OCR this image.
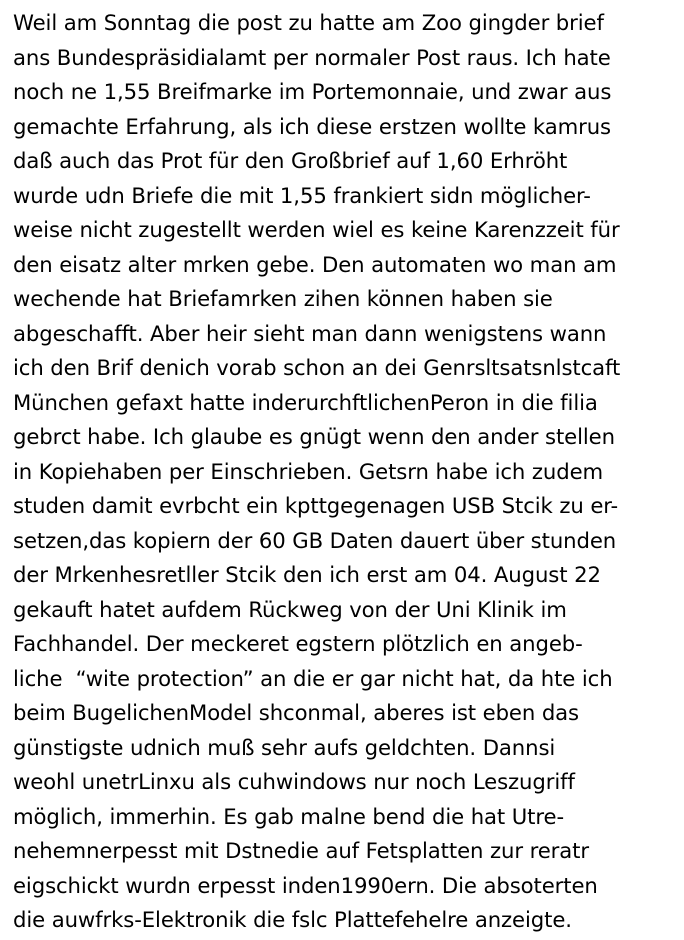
Weil am Sonntag die post zu hatte am Zoo gingder brief
ans Bundespräsidialamt per normaler Post raus. Ich hate
noch ne 1,55 Breifmarke im Portemonnaie, und zwar aus
gemachte Erfahrung, als ich diese erstzen wollte kamrus
daß auch das Prot für den Großbrief auf 1,60 Erhröht
wurde udn Briefe die mit 1,55 frankiert sidn möglicher-
weise nicht zugestellt werden wiel es keine Karenzzeit für
den eisatz alter mrken gebe. Den automaten wo man am
wechende hat Briefamrken zihen können haben sie
abgeschafft. Aber heir sieht man dann wenigstens wann
ich den Brif denich vorab schon an dei Genrsltsatsnlstcaft
München gefaxt hatte inderurchftlichenPeron in die filia
gebrct habe. Ich glaube es gnügt wenn den ander stellen
in Kopiehaben per Einschrieben. Getsrn habe ich zudem
studen damit evrbcht ein kpttgegenagen USB Stcik zu er-
setzen,das kopiern der 60 GB Daten dauert über stunden
der Mrkenhesretller Stcik den ich erst am 04. August 22
gekauft hatet aufdem Rückweg von der Uni Klinik im
Fachhandel. Der meckeret egstern plötzlich en angeb-
liche  “wite protection” an die er gar nicht hat, da hte ich
beim BugelichenModel shconmal, aberes ist eben das
günstigste udnich muß sehr aufs geldchten. Dannsi
weohl unetrLinxu als cuhwindows nur noch Leszugriff
möglich, immerhin. Es gab malne bend die hat Utre-
nehemnerpesst mit Dstnedie auf Fetsplatten zur reratr
eigschickt wurdn erpesst inden1990ern. Die absoterten
die auwfrks-Elektronik die fslc Plattefehelre anzeigte.
